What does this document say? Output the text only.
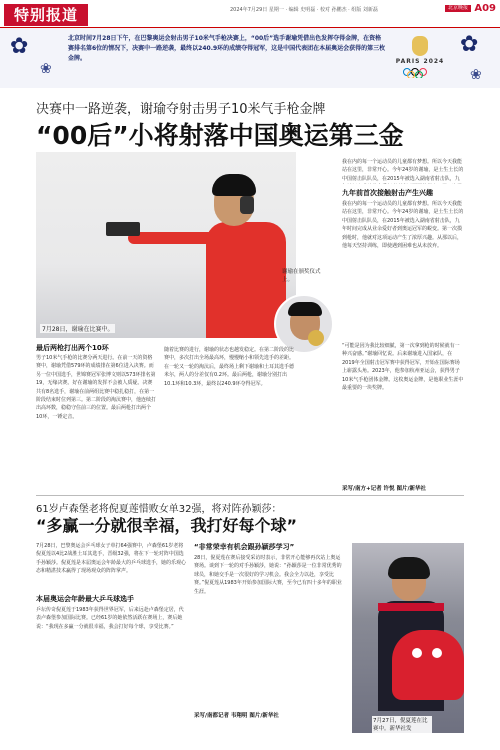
特别报道	2024年7月29日 星期一 · 编辑 史明磊 · 校对 孙鹏杰 · 组版 刘新磊	北京晚报 A09
✿
❀
✿
❀
北京时间7月28日下午，在巴黎奥运会射击男子10米气手枪决赛上，“00后”选手谢瑜凭借出色发挥夺得金牌，在资格赛排名第6位的情况下，决赛中一路逆袭，最终以240.9环的成绩夺得冠军，这是中国代表团在本届奥运会获得的第三枚金牌。	PARIS 2024
决赛中一路逆袭，谢瑜夺射击男子10米气手枪金牌
“00后”小将射落中国奥运第三金
7月28日，谢瑜在比赛中。
谢瑜在颁奖仪式上。
最后两枪打出两个10环
男子10米气手枪的比赛分两天进行。在前一天的资格赛中，谢瑜凭借579环的成绩排在第6位进入决赛。而另一位中国选手，世锦赛冠军张博文则以573环排名第19，无缘决赛。好在谢瑜的发挥不会被人质疑。决赛共有8名选手，谢瑜在前两组比赛中稳扎稳打，在第一阶段结束时位列第三。第二阶段的淘汰赛中，他连续打出高环数，稳稳守住前三的位置。最后两枪打出两个10环，一锤定音。
随着比赛的进行，谢瑜的状态也越发稳定。在第二阶段的比赛中，多次打出全场最高环，慢慢缩小和领先选手的差距。在一轮又一轮的淘汰后，最终场上剩下谢瑜和土耳其选手德米尔，两人的分差仅有0.2环。最后两枪，谢瑜分别打出10.1环和10.3环，最终以240.9环夺得冠军。
我在内的每一个运动员的儿童都有梦想。所以今天我能站在这里，非常开心。今年24岁的谢瑜，是土生土长的中国射击队队员，在2015年被选入湖南省射击队，九
九年前首次接触射击产生兴趣
我在内的每一个运动员的儿童都有梦想。所以今天我能站在这里，非常开心。今年24岁的谢瑜，是土生土长的中国射击队队员，在2015年被选入湖南省射击队，九年时间完成从业余爱好者到奥运冠军的蜕变。第一次摸到枪时，他就对这项运动产生了浓厚兴趣。从那以后，他每天坚持训练，即使遇到困难也从未放弃。
“可能是因为我比较细腻，第一次拿到枪的时候就有一种兴奋感。”谢瑜回忆说。后来谢瑜进入国家队，在2019年全国射击冠军赛中获得冠军，开始在国际赛场上崭露头角。2023年，他参加杭州亚运会，获得男子10米气手枪团体金牌。这枚奥运金牌，是他职业生涯中最重要的一块奖牌。
采写/南方+记者 许悦 图片/新华社
61岁卢森堡老将倪夏莲惜败女单32强，将对阵孙颖莎：
“多赢一分就很幸福，我打好每个球”
7月28日，巴黎奥运会乒乓球女子单打64强赛中，卢森堡61岁老将倪夏莲以4比2战胜土耳其选手，晋级32强，将在下一轮对阵中国选手孙颖莎。倪夏莲是本届奥运会年龄最大的乒乓球选手，她的乐观心态和精湛技术赢得了现场观众的阵阵掌声。
本届奥运会年龄最大乒乓球选手
乒坛传奇倪夏莲于1983年获得世界冠军，后来远赴卢森堡定居，代表卢森堡参加国际比赛。已经61岁的她依然活跃在赛场上，赛后她说：“我现在多赢一分就很幸福，我会打好每个球，享受比赛。”
“非常荣幸有机会跟孙颖莎学习”
28日，倪夏莲在赛后接受采访时表示，非常开心能够再次站上奥运赛场。谈到下一轮的对手孙颖莎，她说：“孙颖莎是一位非常优秀的球员，和她交手是一次很好的学习机会。我会全力以赴，享受比赛。”倪夏莲从1983年开始参加国际大赛，至今已有四十多年的职业生涯。
采写/南都记者 韦翔明 图片/新华社
7月27日，倪夏莲在比赛中。新华社发
